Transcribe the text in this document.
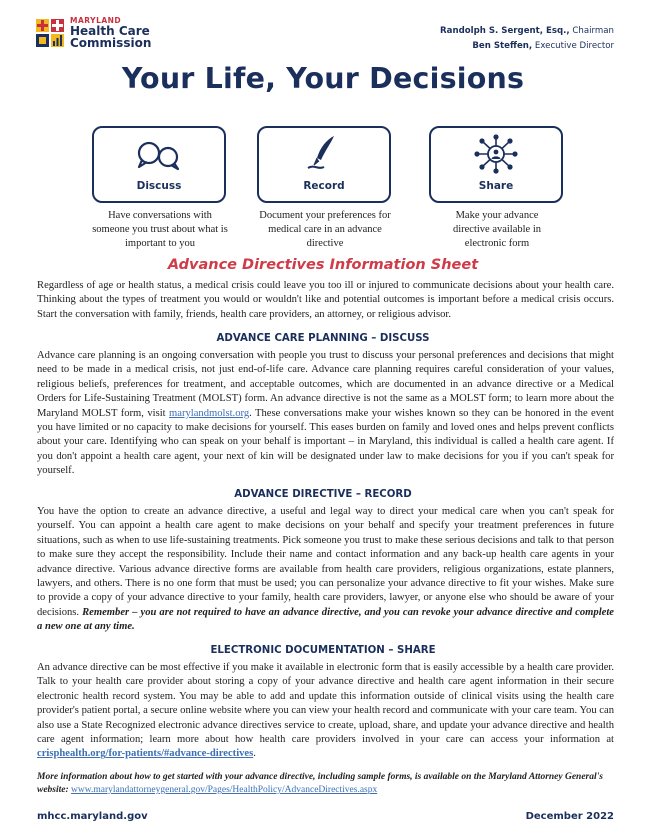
MARYLAND
Health Care
Commission
Randolph S. Sergent, Esq., Chairman
Ben Steffen, Executive Director
Your Life, Your Decisions
Discuss	Record	Share
Have conversations with someone you trust about what is important to you
Document your preferences for medical care in an advance directive
Make your advance directive available in electronic form
Advance Directives Information Sheet
Regardless of age or health status, a medical crisis could leave you too ill or injured to communicate decisions about your health care. Thinking about the types of treatment you would or wouldn't like and potential outcomes is important before a medical crisis occurs. Start the conversation with family, friends, health care providers, an attorney, or religious advisor.
ADVANCE CARE PLANNING – DISCUSS
Advance care planning is an ongoing conversation with people you trust to discuss your personal preferences and decisions that might need to be made in a medical crisis, not just end-of-life care. Advance care planning requires careful consideration of your values, religious beliefs, preferences for treatment, and acceptable outcomes, which are documented in an advance directive or a Medical Orders for Life-Sustaining Treatment (MOLST) form. An advance directive is not the same as a MOLST form; to learn more about the Maryland MOLST form, visit marylandmolst.org. These conversations make your wishes known so they can be honored in the event you have limited or no capacity to make decisions for yourself. This eases burden on family and loved ones and helps prevent conflicts about your care. Identifying who can speak on your behalf is important – in Maryland, this individual is called a health care agent. If you don't appoint a health care agent, your next of kin will be designated under law to make decisions for you if you can't speak for yourself.
ADVANCE DIRECTIVE – RECORD
You have the option to create an advance directive, a useful and legal way to direct your medical care when you can't speak for yourself. You can appoint a health care agent to make decisions on your behalf and specify your treatment preferences in future situations, such as when to use life-sustaining treatments. Pick someone you trust to make these serious decisions and talk to that person to make sure they accept the responsibility. Include their name and contact information and any back-up health care agents in your advance directive. Various advance directive forms are available from health care providers, religious organizations, estate planners, lawyers, and others. There is no one form that must be used; you can personalize your advance directive to fit your wishes. Make sure to provide a copy of your advance directive to your family, health care providers, lawyer, or anyone else who should be aware of your decisions. Remember – you are not required to have an advance directive, and you can revoke your advance directive and complete a new one at any time.
ELECTRONIC DOCUMENTATION – SHARE
An advance directive can be most effective if you make it available in electronic form that is easily accessible by a health care provider. Talk to your health care provider about storing a copy of your advance directive and health care agent information in their secure electronic health record system. You may be able to add and update this information outside of clinical visits using the health care provider's patient portal, a secure online website where you can view your health record and communicate with your care team. You can also use a State Recognized electronic advance directives service to create, upload, share, and update your advance directive and health care agent information; learn more about how health care providers involved in your care can access your information at crisphealth.org/for-patients/#advance-directives.
More information about how to get started with your advance directive, including sample forms, is available on the Maryland Attorney General's website: www.marylandattorneygeneral.gov/Pages/HealthPolicy/AdvanceDirectives.aspx
mhcc.maryland.gov	December 2022
